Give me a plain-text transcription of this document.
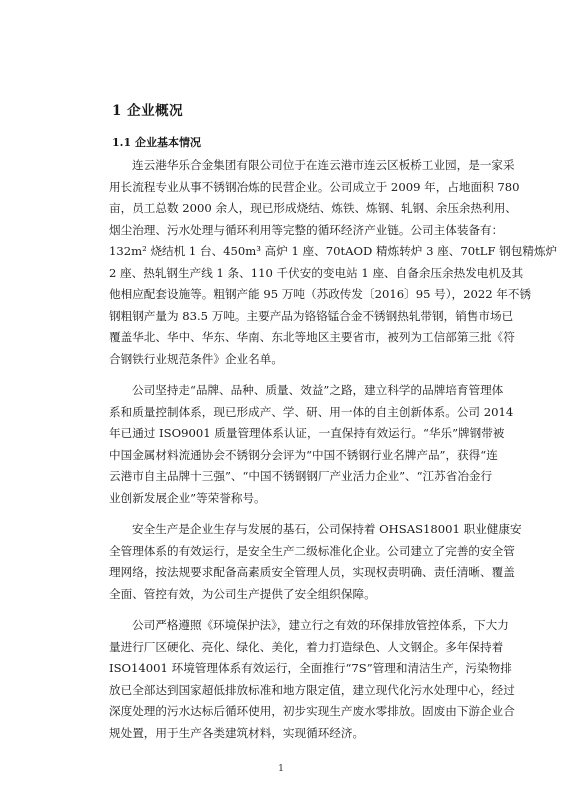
1 企业概况
1.1 企业基本情况
连云港华乐合金集团有限公司位于在连云港市连云区板桥工业园，是一家采
用长流程专业从事不锈钢冶炼的民营企业。公司成立于 2009 年，占地面积 780
亩，员工总数 2000 余人，现已形成烧结、炼铁、炼钢、轧钢、余压余热利用、
烟尘治理、污水处理与循环利用等完整的循环经济产业链。公司主体装备有：
132m² 烧结机 1 台、450m³ 高炉 1 座、70tAOD 精炼转炉 3 座、70tLF 钢包精炼炉
2 座、热轧钢生产线 1 条、110 千伏安的变电站 1 座、自备余压余热发电机及其
他相应配套设施等。粗钢产能 95 万吨（苏政传发〔2016〕95 号），2022 年不锈
钢粗钢产量为 83.5 万吨。主要产品为铬铬锰合金不锈钢热轧带钢，销售市场已
覆盖华北、华中、华东、华南、东北等地区主要省市，被列为工信部第三批《符
合钢铁行业规范条件》企业名单。
公司坚持走“品牌、品种、质量、效益”之路，建立科学的品牌培育管理体
系和质量控制体系，现已形成产、学、研、用一体的自主创新体系。公司 2014
年已通过 ISO9001 质量管理体系认证，一直保持有效运行。“华乐”牌钢带被
中国金属材料流通协会不锈钢分会评为“中国不锈钢行业名牌产品”，获得“连
云港市自主品牌十三强”、“中国不锈钢钢厂产业活力企业”、“江苏省冶金行
业创新发展企业”等荣誉称号。
安全生产是企业生存与发展的基石，公司保持着 OHSAS18001 职业健康安
全管理体系的有效运行，是安全生产二级标准化企业。公司建立了完善的安全管
理网络，按法规要求配备高素质安全管理人员，实现权责明确、责任清晰、覆盖
全面、管控有效，为公司生产提供了安全组织保障。
公司严格遵照《环境保护法》，建立行之有效的环保排放管控体系，下大力
量进行厂区硬化、亮化、绿化、美化，着力打造绿色、人文钢企。多年保持着
ISO14001 环境管理体系有效运行，全面推行“7S”管理和清洁生产，污染物排
放已全部达到国家超低排放标准和地方限定值，建立现代化污水处理中心，经过
深度处理的污水达标后循环使用，初步实现生产废水零排放。固废由下游企业合
规处置，用于生产各类建筑材料，实现循环经济。
1
